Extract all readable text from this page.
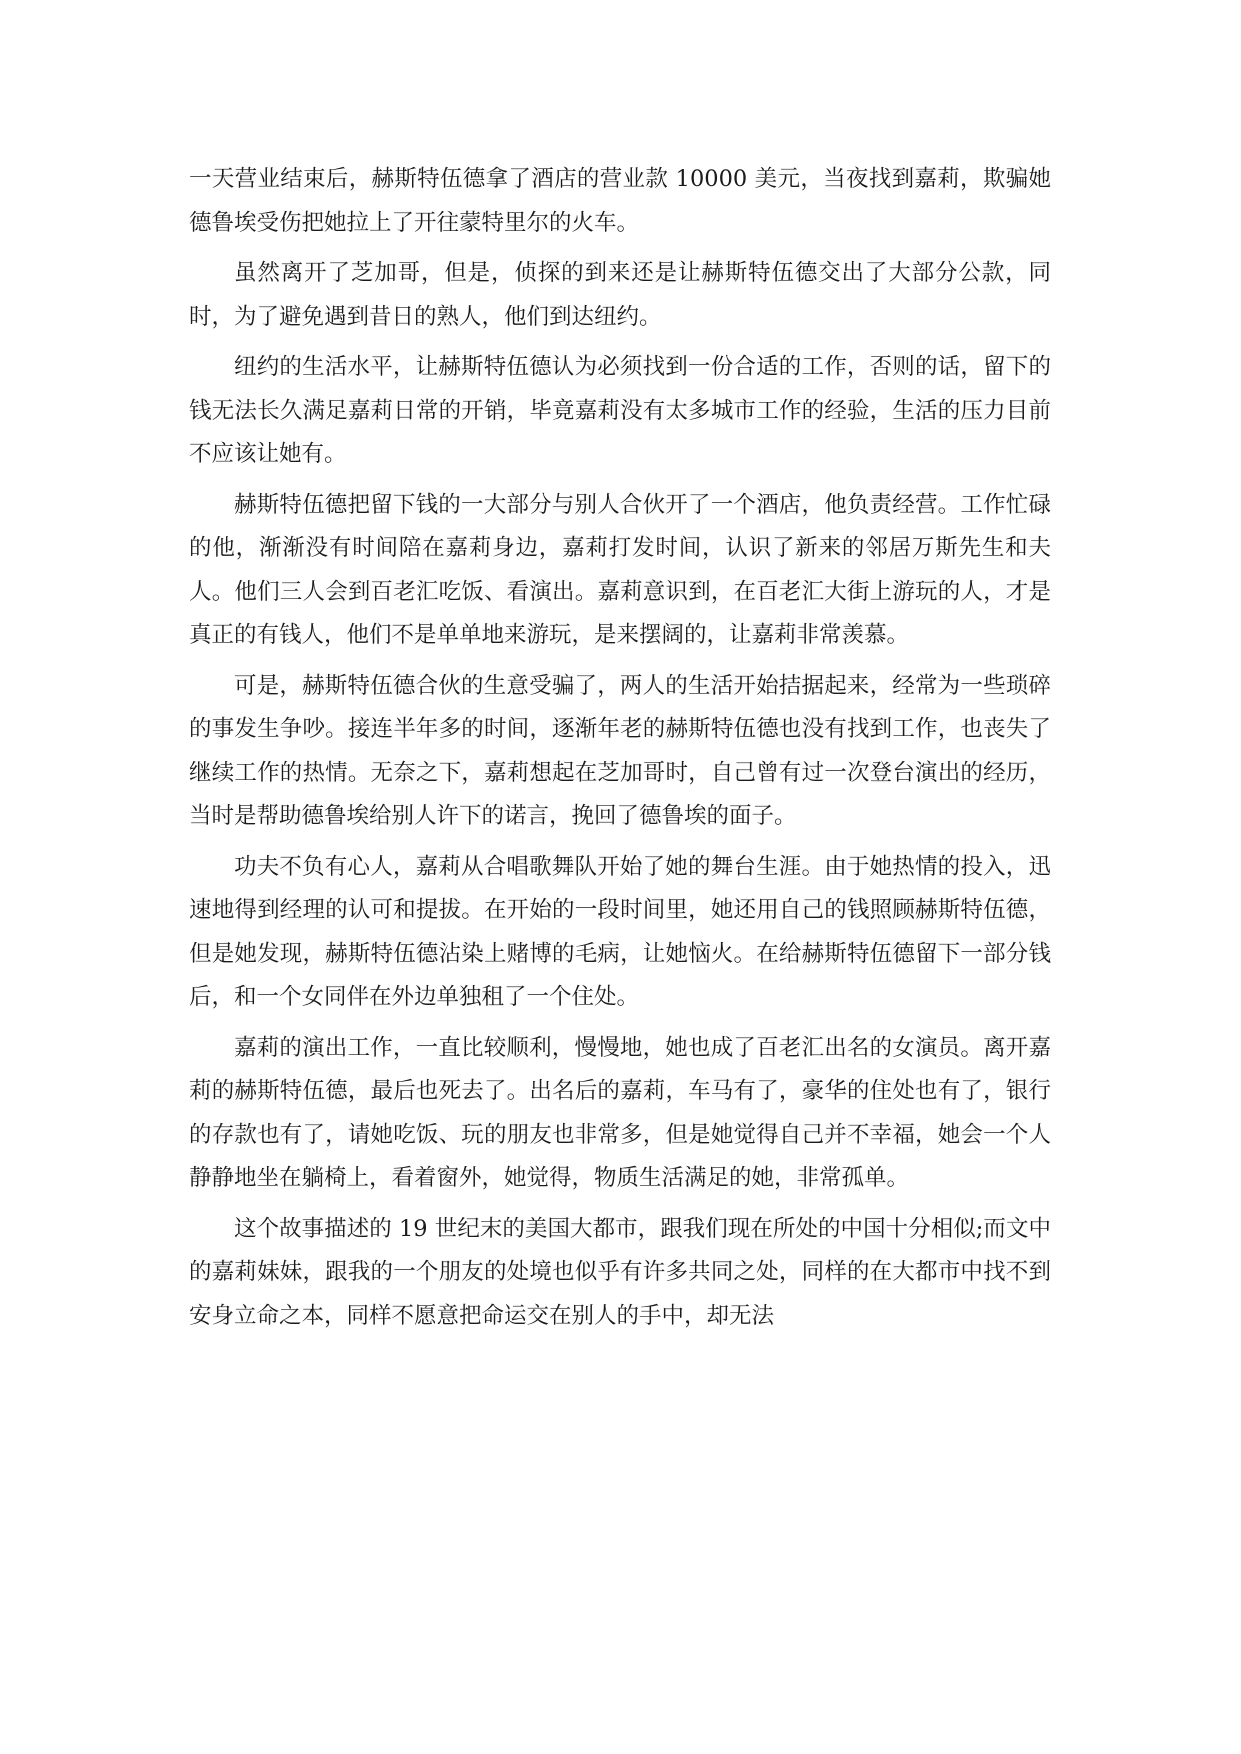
一天营业结束后，赫斯特伍德拿了酒店的营业款 10000 美元，当夜找到嘉莉，欺骗她德鲁埃受伤把她拉上了开往蒙特里尔的火车。

虽然离开了芝加哥，但是，侦探的到来还是让赫斯特伍德交出了大部分公款，同时，为了避免遇到昔日的熟人，他们到达纽约。

纽约的生活水平，让赫斯特伍德认为必须找到一份合适的工作，否则的话，留下的钱无法长久满足嘉莉日常的开销，毕竟嘉莉没有太多城市工作的经验，生活的压力目前不应该让她有。

赫斯特伍德把留下钱的一大部分与别人合伙开了一个酒店，他负责经营。工作忙碌的他，渐渐没有时间陪在嘉莉身边，嘉莉打发时间，认识了新来的邻居万斯先生和夫人。他们三人会到百老汇吃饭、看演出。嘉莉意识到，在百老汇大街上游玩的人，才是真正的有钱人，他们不是单单地来游玩，是来摆阔的，让嘉莉非常羡慕。

可是，赫斯特伍德合伙的生意受骗了，两人的生活开始拮据起来，经常为一些琐碎的事发生争吵。接连半年多的时间，逐渐年老的赫斯特伍德也没有找到工作，也丧失了继续工作的热情。无奈之下，嘉莉想起在芝加哥时，自己曾有过一次登台演出的经历，当时是帮助德鲁埃给别人许下的诺言，挽回了德鲁埃的面子。

功夫不负有心人，嘉莉从合唱歌舞队开始了她的舞台生涯。由于她热情的投入，迅速地得到经理的认可和提拔。在开始的一段时间里，她还用自己的钱照顾赫斯特伍德，但是她发现，赫斯特伍德沾染上赌博的毛病，让她恼火。在给赫斯特伍德留下一部分钱后，和一个女同伴在外边单独租了一个住处。

嘉莉的演出工作，一直比较顺利，慢慢地，她也成了百老汇出名的女演员。离开嘉莉的赫斯特伍德，最后也死去了。出名后的嘉莉，车马有了，豪华的住处也有了，银行的存款也有了，请她吃饭、玩的朋友也非常多，但是她觉得自己并不幸福，她会一个人静静地坐在躺椅上，看着窗外，她觉得，物质生活满足的她，非常孤单。

这个故事描述的 19 世纪末的美国大都市，跟我们现在所处的中国十分相似;而文中的嘉莉妹妹，跟我的一个朋友的处境也似乎有许多共同之处，同样的在大都市中找不到安身立命之本，同样不愿意把命运交在别人的手中，却无法
